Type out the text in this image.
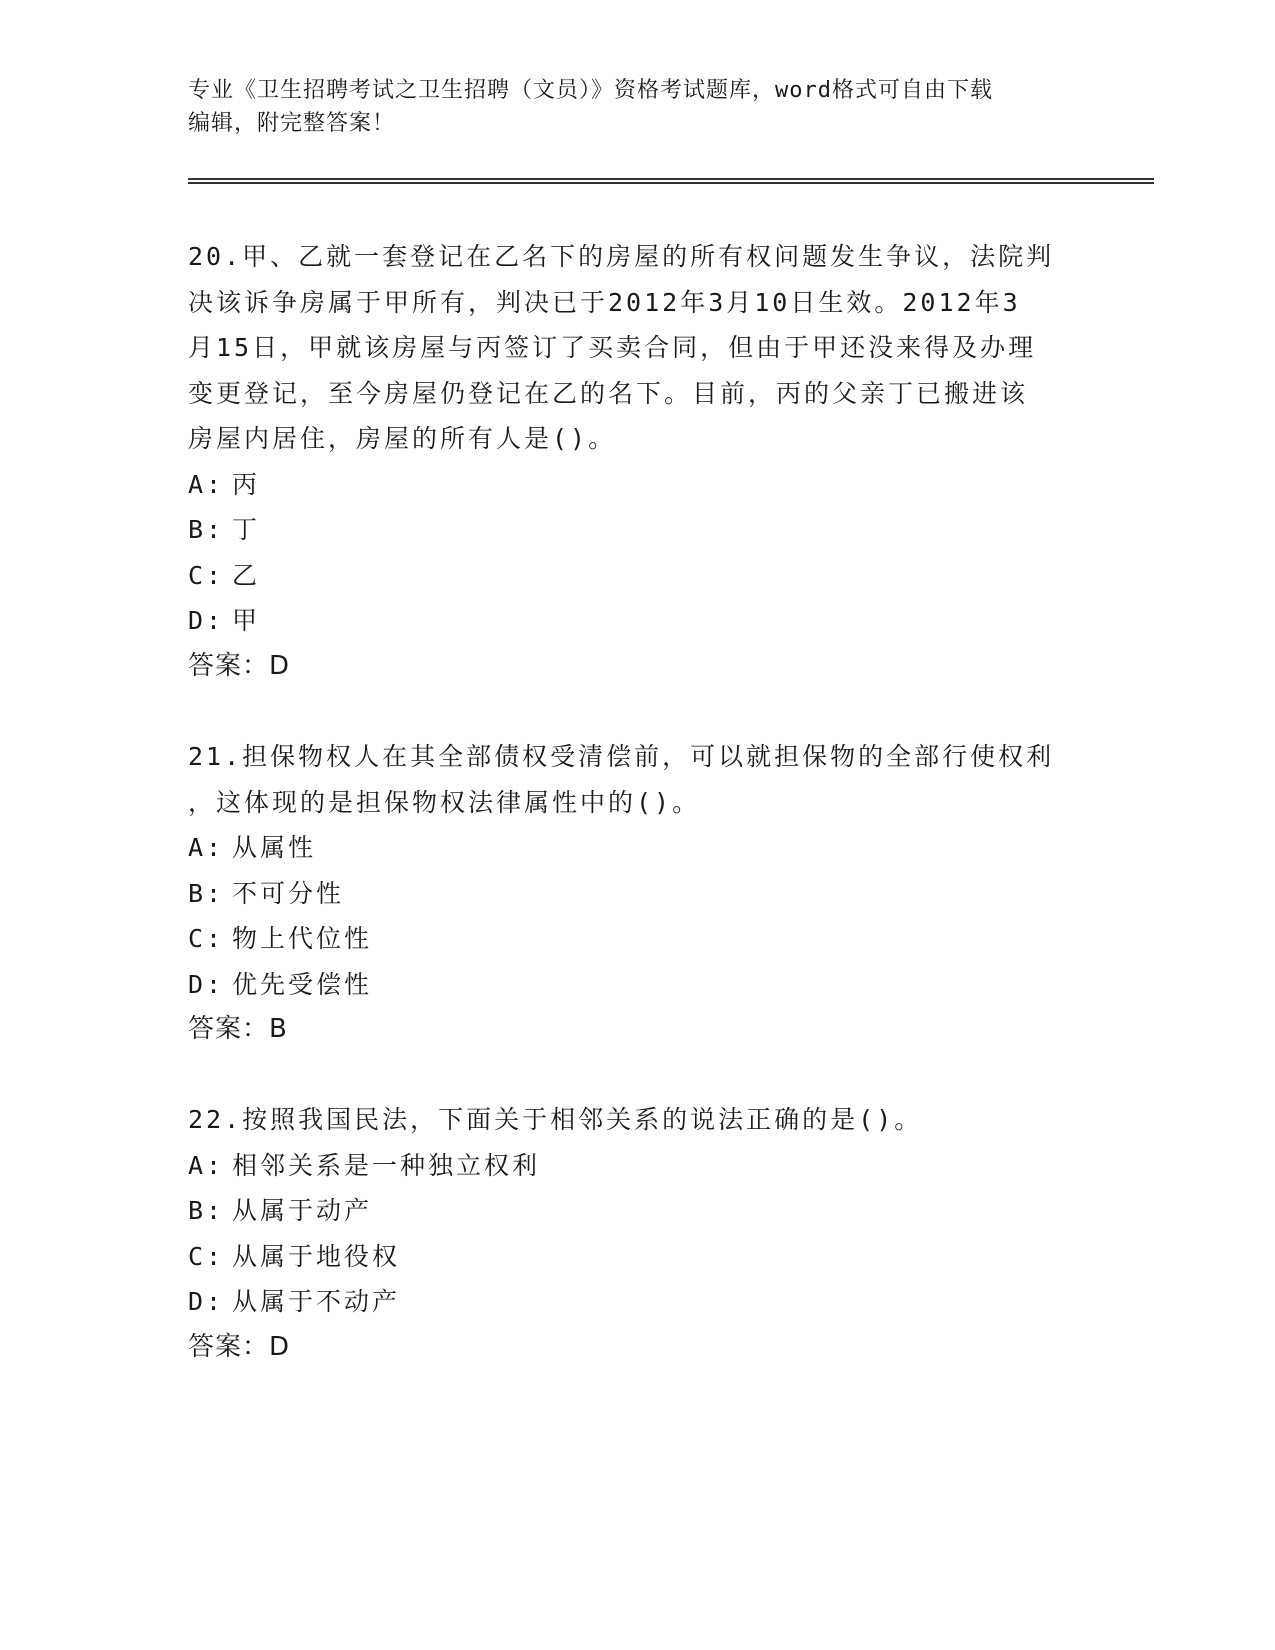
专业《卫生招聘考试之卫生招聘（文员）》资格考试题库，word格式可自由下载
编辑，附完整答案！

20.甲、乙就一套登记在乙名下的房屋的所有权问题发生争议，法院判
决该诉争房属于甲所有，判决已于2012年3月10日生效。2012年3
月15日，甲就该房屋与丙签订了买卖合同，但由于甲还没来得及办理
变更登记，至今房屋仍登记在乙的名下。目前，丙的父亲丁已搬进该
房屋内居住，房屋的所有人是()。

A: 丙

B: 丁

C: 乙

D: 甲

答案：D

21.担保物权人在其全部债权受清偿前，可以就担保物的全部行使权利
，这体现的是担保物权法律属性中的()。

A: 从属性

B: 不可分性

C: 物上代位性

D: 优先受偿性

答案：B

22.按照我国民法，下面关于相邻关系的说法正确的是()。

A: 相邻关系是一种独立权利

B: 从属于动产

C: 从属于地役权

D: 从属于不动产

答案：D
